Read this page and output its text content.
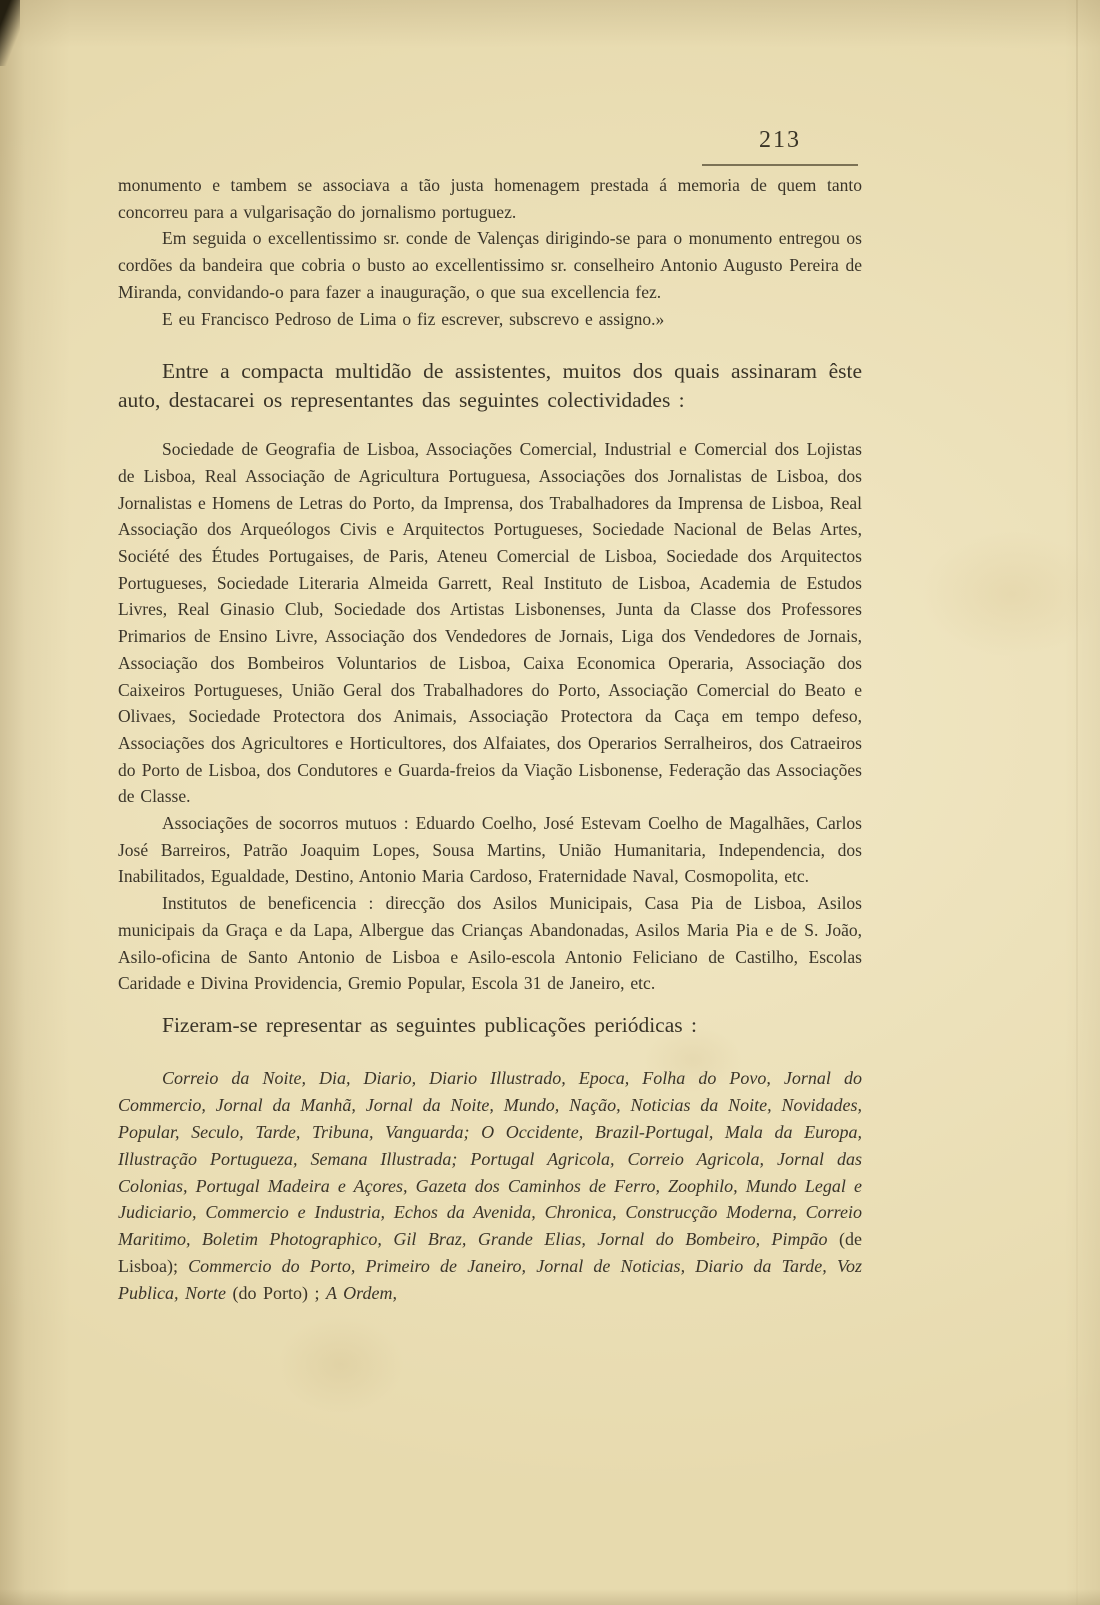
213

monumento e tambem se associava a tão justa homenagem prestada á memoria de quem tanto concorreu para a vulgarisação do jornalismo portuguez.

Em seguida o excellentissimo sr. conde de Valenças dirigindo-se para o monumento entregou os cordões da bandeira que cobria o busto ao excellentissimo sr. conselheiro Antonio Augusto Pereira de Miranda, convidando-o para fazer a inauguração, o que sua excellencia fez.

E eu Francisco Pedroso de Lima o fiz escrever, subscrevo e assigno.»

Entre a compacta multidão de assistentes, muitos dos quais assinaram êste auto, destacarei os representantes das seguintes colectividades :

Sociedade de Geografia de Lisboa, Associações Comercial, Industrial e Comercial dos Lojistas de Lisboa, Real Associação de Agricultura Portuguesa, Associações dos Jornalistas de Lisboa, dos Jornalistas e Homens de Letras do Porto, da Imprensa, dos Trabalhadores da Imprensa de Lisboa, Real Associação dos Arqueólogos Civis e Arquitectos Portugueses, Sociedade Nacional de Belas Artes, Société des Études Portugaises, de Paris, Ateneu Comercial de Lisboa, Sociedade dos Arquitectos Portugueses, Sociedade Literaria Almeida Garrett, Real Instituto de Lisboa, Academia de Estudos Livres, Real Ginasio Club, Sociedade dos Artistas Lisbonenses, Junta da Classe dos Professores Primarios de Ensino Livre, Associação dos Vendedores de Jornais, Liga dos Vendedores de Jornais, Associação dos Bombeiros Voluntarios de Lisboa, Caixa Economica Operaria, Associação dos Caixeiros Portugueses, União Geral dos Trabalhadores do Porto, Associação Comercial do Beato e Olivaes, Sociedade Protectora dos Animais, Associação Protectora da Caça em tempo defeso, Associações dos Agricultores e Horticultores, dos Alfaiates, dos Operarios Serralheiros, dos Catraeiros do Porto de Lisboa, dos Condutores e Guarda-freios da Viação Lisbonense, Federação das Associações de Classe.

Associações de socorros mutuos : Eduardo Coelho, José Estevam Coelho de Magalhães, Carlos José Barreiros, Patrão Joaquim Lopes, Sousa Martins, União Humanitaria, Independencia, dos Inabilitados, Egualdade, Destino, Antonio Maria Cardoso, Fraternidade Naval, Cosmopolita, etc.

Institutos de beneficencia : direcção dos Asilos Municipais, Casa Pia de Lisboa, Asilos municipais da Graça e da Lapa, Albergue das Crianças Abandonadas, Asilos Maria Pia e de S. João, Asilo-oficina de Santo Antonio de Lisboa e Asilo-escola Antonio Feliciano de Castilho, Escolas Caridade e Divina Providencia, Gremio Popular, Escola 31 de Janeiro, etc.

Fizeram-se representar as seguintes publicações periódicas :

Correio da Noite, Dia, Diario, Diario Illustrado, Epoca, Folha do Povo, Jornal do Commercio, Jornal da Manhã, Jornal da Noite, Mundo, Nação, Noticias da Noite, Novidades, Popular, Seculo, Tarde, Tribuna, Vanguarda; O Occidente, Brazil-Portugal, Mala da Europa, Illustração Portugueza, Semana Illustrada; Portugal Agricola, Correio Agricola, Jornal das Colonias, Portugal Madeira e Açores, Gazeta dos Caminhos de Ferro, Zoophilo, Mundo Legal e Judiciario, Commercio e Industria, Echos da Avenida, Chronica, Construcção Moderna, Correio Maritimo, Boletim Photographico, Gil Braz, Grande Elias, Jornal do Bombeiro, Pimpão (de Lisboa); Commercio do Porto, Primeiro de Janeiro, Jornal de Noticias, Diario da Tarde, Voz Publica, Norte (do Porto) ; A Ordem,
